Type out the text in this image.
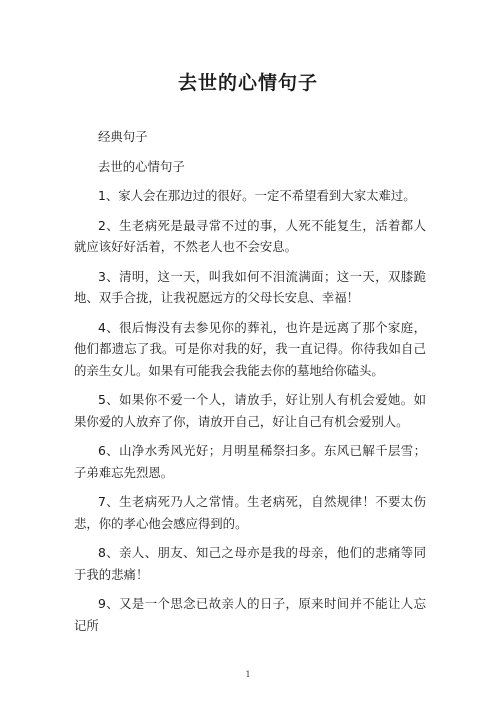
去世的心情句子

经典句子

去世的心情句子

1、家人会在那边过的很好。一定不希望看到大家太难过。

2、生老病死是最寻常不过的事，人死不能复生，活着都人就应该好好活着，不然老人也不会安息。

3、清明，这一天，叫我如何不泪流满面；这一天，双膝跪地、双手合拢，让我祝愿远方的父母长安息、幸福！

4、很后悔没有去参见你的葬礼，也许是远离了那个家庭，他们都遗忘了我。可是你对我的好，我一直记得。你待我如自己的亲生女儿。如果有可能我会我能去你的墓地给你磕头。

5、如果你不爱一个人，请放手，好让别人有机会爱她。如果你爱的人放弃了你，请放开自己，好让自己有机会爱别人。

6、山净水秀风光好；月明星稀祭扫多。东风已解千层雪；子弟难忘先烈恩。

7、生老病死乃人之常情。生老病死，自然规律！不要太伤悲，你的孝心他会感应得到的。

8、亲人、朋友、知己之母亦是我的母亲，他们的悲痛等同于我的悲痛！

9、又是一个思念已故亲人的日子，原来时间并不能让人忘记所

1
